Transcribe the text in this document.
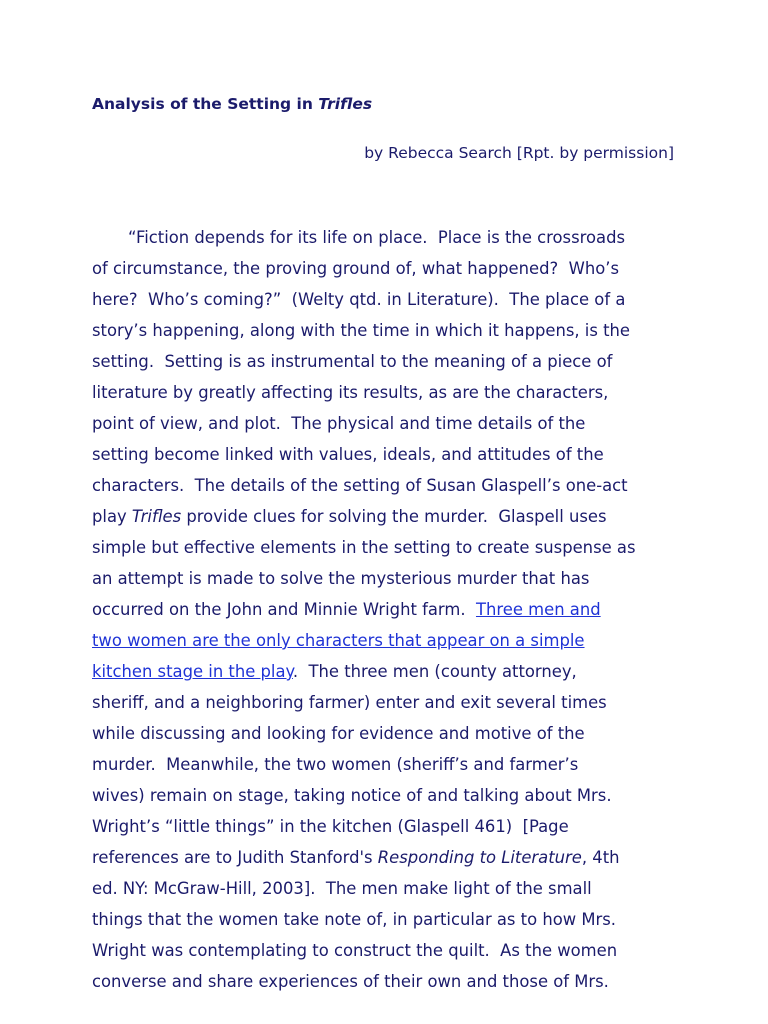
Analysis of the Setting in Trifles

by Rebecca Search [Rpt. by permission]

“Fiction depends for its life on place.  Place is the crossroads
of circumstance, the proving ground of, what happened?  Who’s
here?  Who’s coming?”  (Welty qtd. in Literature).  The place of a
story’s happening, along with the time in which it happens, is the
setting.  Setting is as instrumental to the meaning of a piece of
literature by greatly affecting its results, as are the characters,
point of view, and plot.  The physical and time details of the
setting become linked with values, ideals, and attitudes of the
characters.  The details of the setting of Susan Glaspell’s one-act
play Trifles provide clues for solving the murder.  Glaspell uses
simple but effective elements in the setting to create suspense as
an attempt is made to solve the mysterious murder that has
occurred on the John and Minnie Wright farm.  Three men and
two women are the only characters that appear on a simple
kitchen stage in the play.  The three men (county attorney,
sheriff, and a neighboring farmer) enter and exit several times
while discussing and looking for evidence and motive of the
murder.  Meanwhile, the two women (sheriff’s and farmer’s
wives) remain on stage, taking notice of and talking about Mrs.
Wright’s “little things” in the kitchen (Glaspell 461)  [Page
references are to Judith Stanford's Responding to Literature, 4th
ed. NY: McGraw-Hill, 2003].  The men make light of the small
things that the women take note of, in particular as to how Mrs.
Wright was contemplating to construct the quilt.  As the women
converse and share experiences of their own and those of Mrs.
